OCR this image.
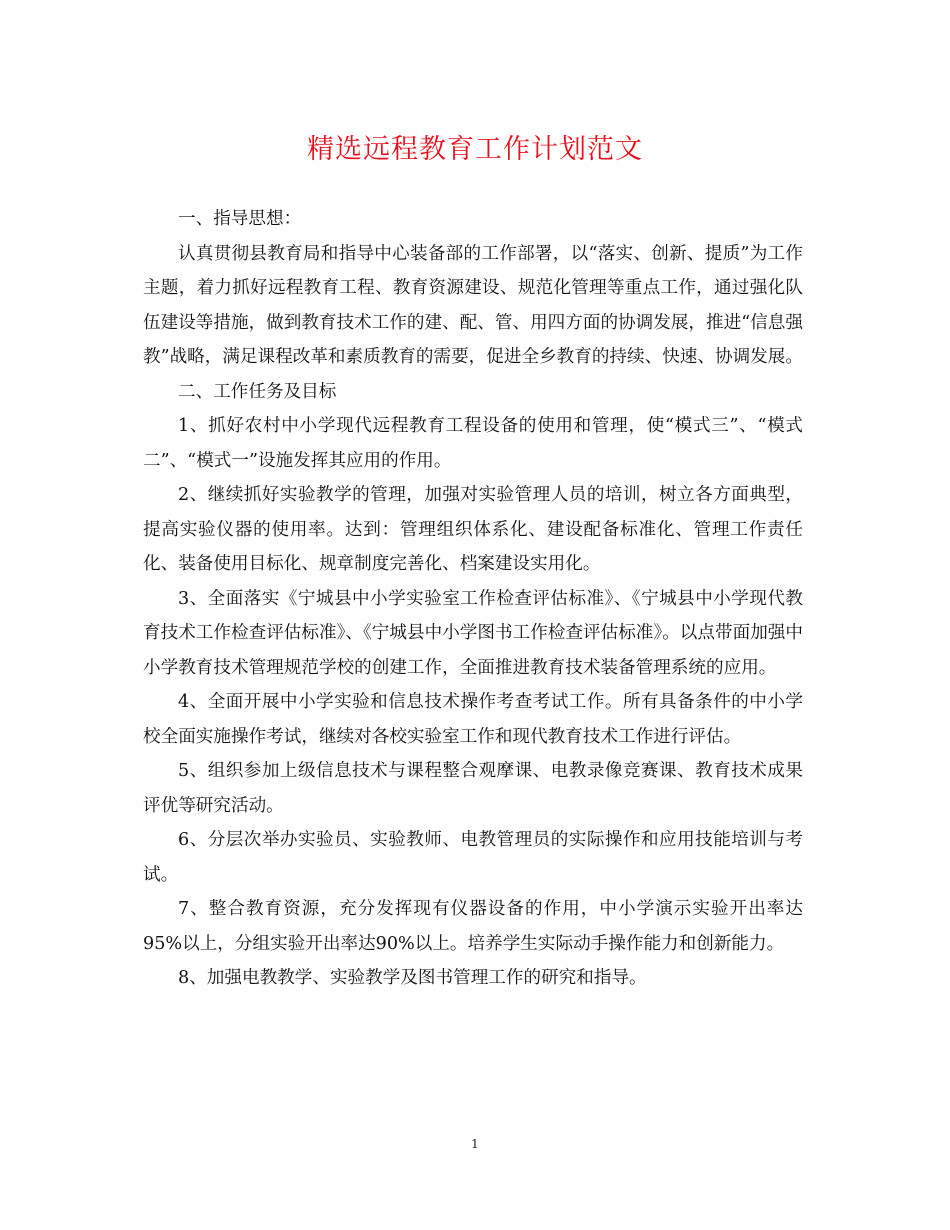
精选远程教育工作计划范文

一、指导思想：

认真贯彻县教育局和指导中心装备部的工作部署，以“落实、创新、提质”为工作主题，着力抓好远程教育工程、教育资源建设、规范化管理等重点工作，通过强化队伍建设等措施，做到教育技术工作的建、配、管、用四方面的协调发展，推进“信息强教”战略，满足课程改革和素质教育的需要，促进全乡教育的持续、快速、协调发展。

二、工作任务及目标

1、抓好农村中小学现代远程教育工程设备的使用和管理，使“模式三”、“模式二”、“模式一”设施发挥其应用的作用。

2、继续抓好实验教学的管理，加强对实验管理人员的培训，树立各方面典型，提高实验仪器的使用率。达到：管理组织体系化、建设配备标准化、管理工作责任化、装备使用目标化、规章制度完善化、档案建设实用化。

3、全面落实《宁城县中小学实验室工作检查评估标准》、《宁城县中小学现代教育技术工作检查评估标准》、《宁城县中小学图书工作检查评估标准》。以点带面加强中小学教育技术管理规范学校的创建工作，全面推进教育技术装备管理系统的应用。

4、全面开展中小学实验和信息技术操作考查考试工作。所有具备条件的中小学校全面实施操作考试，继续对各校实验室工作和现代教育技术工作进行评估。

5、组织参加上级信息技术与课程整合观摩课、电教录像竞赛课、教育技术成果评优等研究活动。

6、分层次举办实验员、实验教师、电教管理员的实际操作和应用技能培训与考试。

7、整合教育资源，充分发挥现有仪器设备的作用，中小学演示实验开出率达95%以上，分组实验开出率达90%以上。培养学生实际动手操作能力和创新能力。

8、加强电教教学、实验教学及图书管理工作的研究和指导。

1
